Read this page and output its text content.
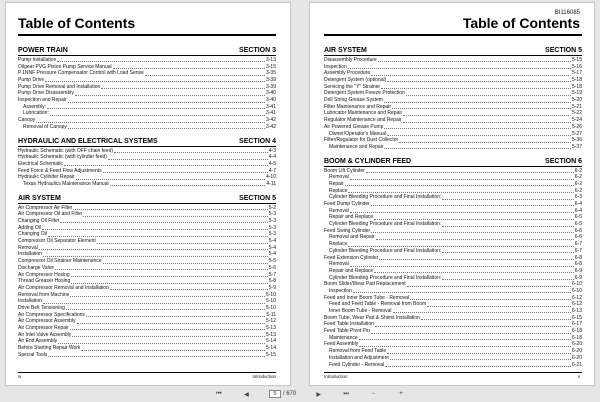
Table of Contents
POWER TRAIN	SECTION 3
Pump Installation	3-13
Oilgear PVG Piston Pump Service Manual	3-15
P.1NNF Pressure Compensator Control with Load Sense	3-35
Pump Drive	3-39
Pump Drive Removal and Installation	3-39
Pump Drive Disassembly	3-40
Inspection and Repair	3-40
Assembly:	3-41
Lubrication:	3-41
Canopy	3-42
Removal of Canopy	3-42
HYDRAULIC AND ELECTRICAL SYSTEMS	SECTION 4
Hydraulic Schematic (with OFF chain feed)	4-3
Hydraulic Schematic (with cylinder feed)	4-4
Electrical Schematic	4-5
Feed Force & Feed Flow Adjustments	4-7
Hydraulic Cylinder Repair	4-10
Texas Hydraulics Maintenance Manual	4-11
AIR SYSTEM	SECTION 5
Air Compressor Air Filter	5-2
Air Compressor Oil and Filter	5-3
Changing Oil Filter	5-3
Adding Oil	5-3
Changing Oil	5-3
Compressor Oil Separator Element	5-4
Removal	5-4
Installation	5-4
Compressor Oil Strainer Maintenance	5-5
Discharge Valve	5-6
Air Compressor Hosing	5-7
Thread Greaser Hosing	5-8
Air Compressor Removal and Installation	5-9
Removal from Machine	5-10
Installation	5-10
Drive Belt Tensioning	5-10
Air Compressor Specifications	5-11
Air Compressor Assembly	5-12
Air Compressor Repair	5-13
Air Inlet Valve Assembly	5-13
Air End Assembly	5-14
Before Starting Repair Work	5-14
Special Tools	5-15
iv	Introduction
BI116085
Table of Contents
AIR SYSTEM	SECTION 5
Disassembly Procedure	5-15
Inspection	5-16
Assembly Procedure	5-17
Detergent System (optional)	5-18
Servicing the "Y" Strainer	5-18
Detergent System Freeze Protection	5-19
Drill String Grease System	5-20
Filter Maintenance and Repair	5-21
Lubricator Maintenance and Repair	5-22
Regulator Maintenance and Repair	5-24
Air Powered Grease Pump	5-26
Owner/Operator's Manual	5-27
Filter/Regulator for Dust Collector	5-36
Maintenance and Repair	5-37
BOOM & CYLINDER FEED	SECTION 6
Boom Lift Cylinder	6-2
Removal	6-2
Repair	6-2
Replace	6-2
Cylinder Bleeding Procedure and Final Installation:	6-3
Feed Dump Cylinder	6-4
Removal	6-4
Repair and Replace	6-5
Cylinder Bleeding Procedure and Final Installation:	6-5
Feed Swing Cylinder	6-6
Removal and Repair	6-6
Replace	6-7
Cylinder Bleeding Procedure and Final Installation:	6-7
Feed Extension Cylinder	6-8
Removal	6-8
Repair and Replace	6-9
Cylinder Bleeding Procedure and Final Installation:	6-9
Boom Slider/Wear Pad Replacement	6-10
Inspection	6-10
Feed and Inner Boom Tube - Removal	6-12
Feed and Feed Table - Removal from Boom	6-12
Inner Boom Tube - Removal	6-13
Boom Tube, Wear Pad & Shims Installation	6-15
Feed Table Installation	6-17
Feed Table Pivot Pin	6-18
Maintenance	6-18
Feed Assembly	6-20
Removal from Feed Table	6-20
Installation and Adjustment	6-20
Feed Cylinder - Removal	6-21
Introduction	v
⏮	◀	5	/ 670	▶	⏭	−	+
